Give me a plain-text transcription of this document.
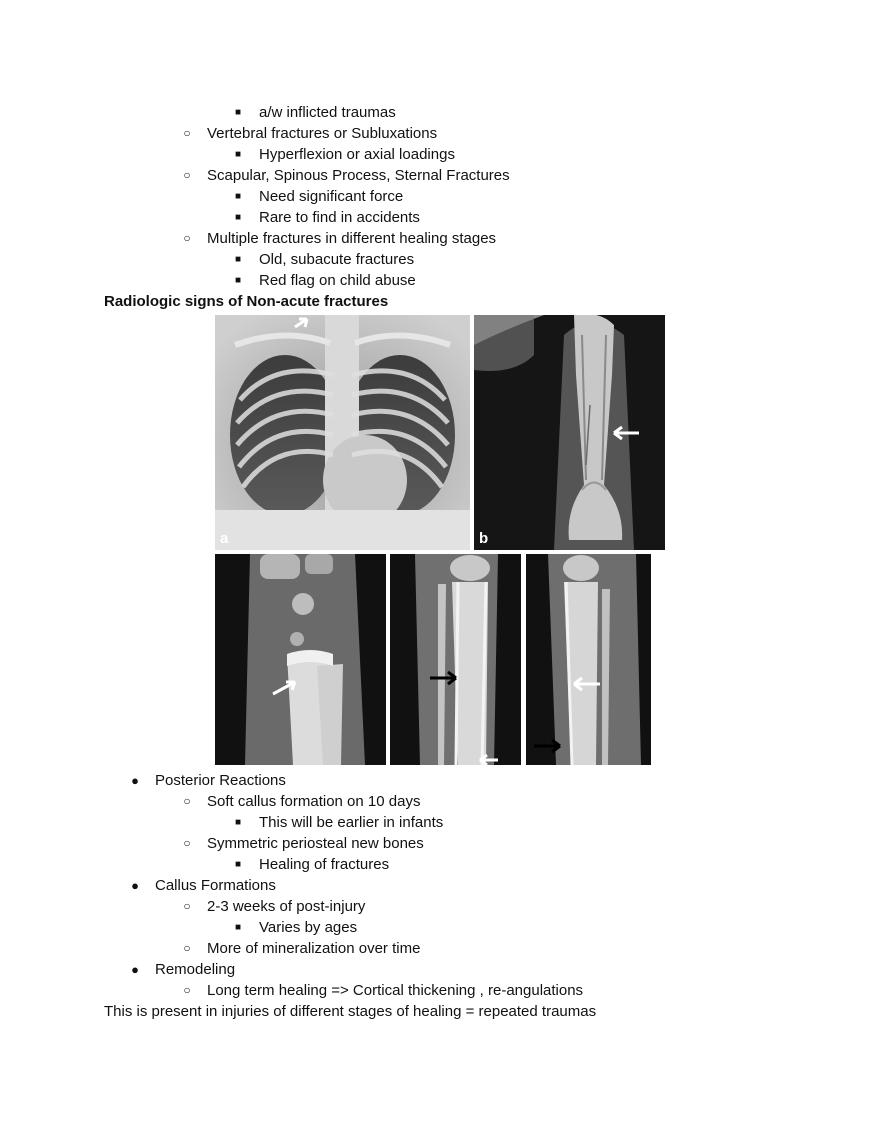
■	a/w inflicted traumas
○ Vertebral fractures or Subluxations
■	Hyperflexion or axial loadings
○ Scapular, Spinous Process, Sternal Fractures
■	Need significant force
■	Rare to find in accidents
○ Multiple fractures in different healing stages
■	Old, subacute fractures
■	Red flag on child abuse
Radiologic signs of Non-acute fractures
a	b
● Posterior Reactions
○ Soft callus formation on 10 days
■	This will be earlier in infants
○ Symmetric periosteal new bones
■	Healing of fractures
● Callus Formations
○ 2-3 weeks of post-injury
■	Varies by ages
○ More of mineralization over time
● Remodeling
○ Long term healing => Cortical thickening , re-angulations
This is present in injuries of different stages of healing = repeated traumas
